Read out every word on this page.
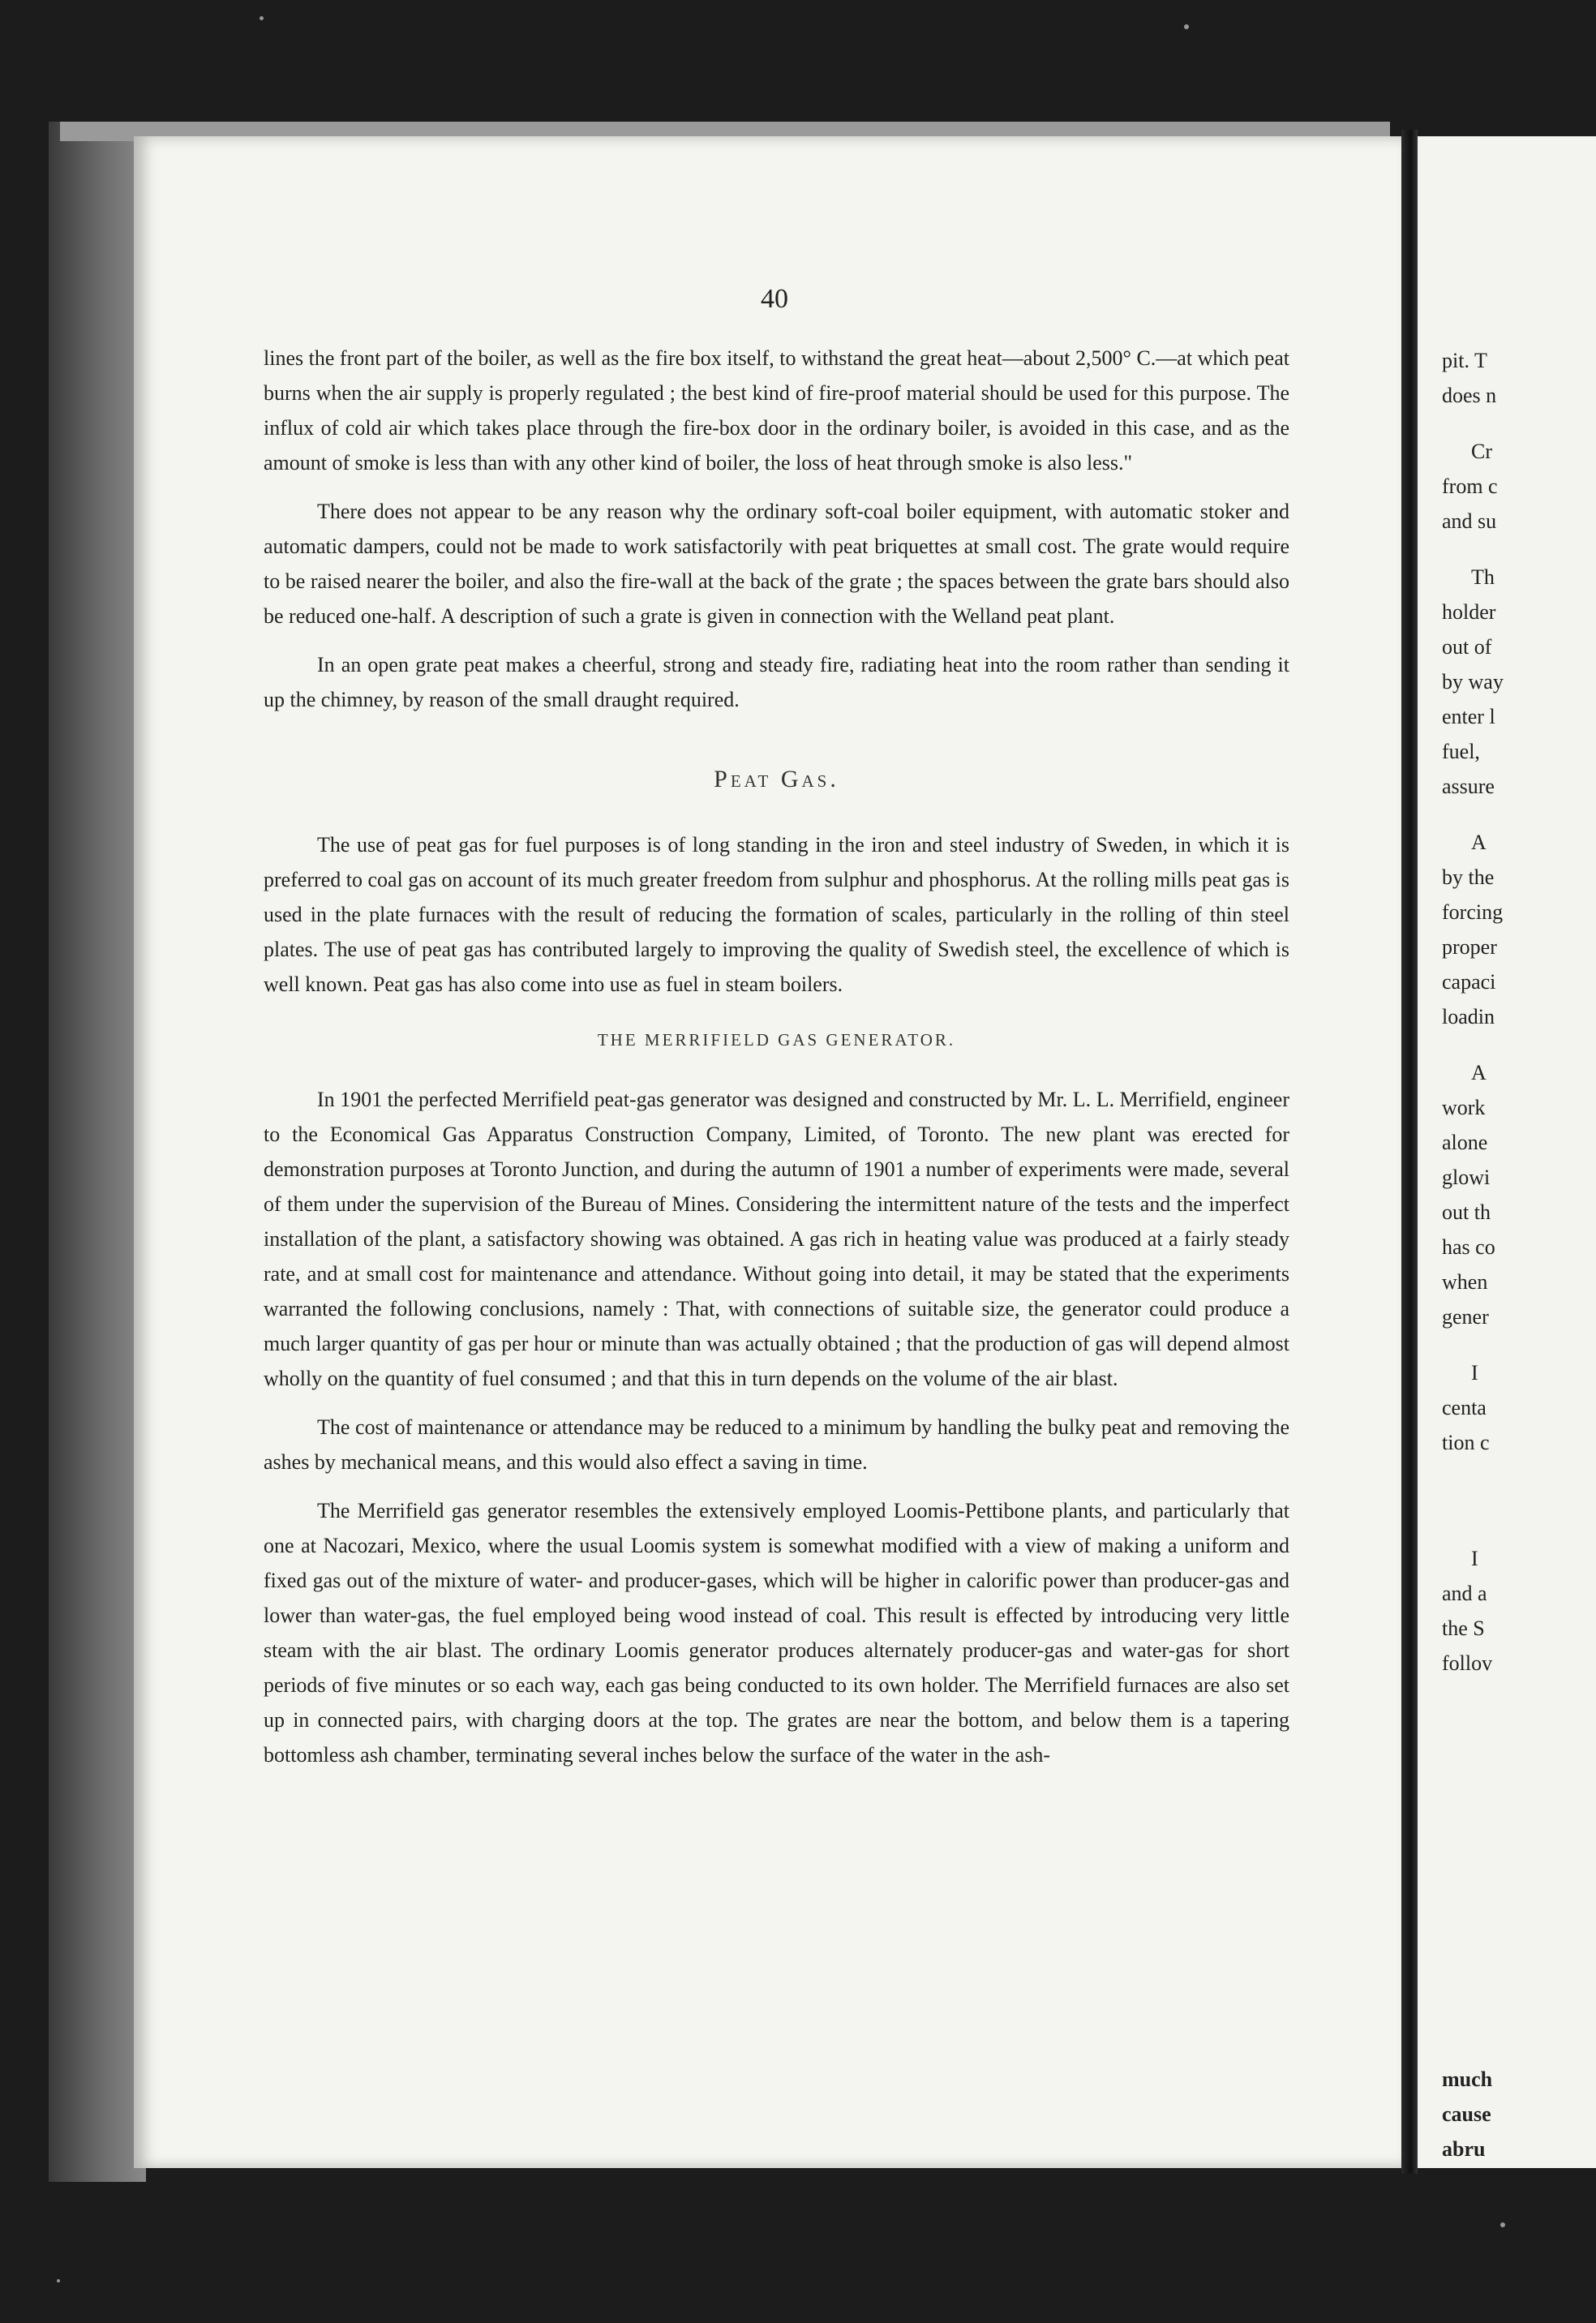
pit. T
does n
Cr
from c
and su
Th
holder
out of
by way
enter l
fuel,
assure
A
by the
forcing
proper
capaci
loadin
A
work
alone
glowi
out th
has co
when
gener
I
centa
tion c
I
and a
the S
follov
much
cause
abru
40

lines the front part of the boiler, as well as the fire box itself, to withstand the great heat—about 2,500° C.—at which peat burns when the air supply is properly regulated ; the best kind of fire-proof material should be used for this purpose. The influx of cold air which takes place through the fire-box door in the ordinary boiler, is avoided in this case, and as the amount of smoke is less than with any other kind of boiler, the loss of heat through smoke is also less."

There does not appear to be any reason why the ordinary soft-coal boiler equipment, with automatic stoker and automatic dampers, could not be made to work satisfactorily with peat briquettes at small cost. The grate would require to be raised nearer the boiler, and also the fire-wall at the back of the grate ; the spaces between the grate bars should also be reduced one-half. A description of such a grate is given in connection with the Welland peat plant.

In an open grate peat makes a cheerful, strong and steady fire, radiating heat into the room rather than sending it up the chimney, by reason of the small draught required.

Peat Gas.

The use of peat gas for fuel purposes is of long standing in the iron and steel industry of Sweden, in which it is preferred to coal gas on account of its much greater freedom from sulphur and phosphorus. At the rolling mills peat gas is used in the plate furnaces with the result of reducing the formation of scales, particularly in the rolling of thin steel plates. The use of peat gas has contributed largely to improving the quality of Swedish steel, the excellence of which is well known. Peat gas has also come into use as fuel in steam boilers.

THE MERRIFIELD GAS GENERATOR.

In 1901 the perfected Merrifield peat-gas generator was designed and constructed by Mr. L. L. Merrifield, engineer to the Economical Gas Apparatus Construction Company, Limited, of Toronto. The new plant was erected for demonstration purposes at Toronto Junction, and during the autumn of 1901 a number of experiments were made, several of them under the supervision of the Bureau of Mines. Considering the intermittent nature of the tests and the imperfect installation of the plant, a satisfactory showing was obtained. A gas rich in heating value was produced at a fairly steady rate, and at small cost for maintenance and attendance. Without going into detail, it may be stated that the experiments warranted the following conclusions, namely : That, with connections of suitable size, the generator could produce a much larger quantity of gas per hour or minute than was actually obtained ; that the production of gas will depend almost wholly on the quantity of fuel consumed ; and that this in turn depends on the volume of the air blast.

The cost of maintenance or attendance may be reduced to a minimum by handling the bulky peat and removing the ashes by mechanical means, and this would also effect a saving in time.

The Merrifield gas generator resembles the extensively employed Loomis-Pettibone plants, and particularly that one at Nacozari, Mexico, where the usual Loomis system is somewhat modified with a view of making a uniform and fixed gas out of the mixture of water- and producer-gases, which will be higher in calorific power than producer-gas and lower than water-gas, the fuel employed being wood instead of coal. This result is effected by introducing very little steam with the air blast. The ordinary Loomis generator produces alternately producer-gas and water-gas for short periods of five minutes or so each way, each gas being conducted to its own holder. The Merrifield furnaces are also set up in connected pairs, with charging doors at the top. The grates are near the bottom, and below them is a tapering bottomless ash chamber, terminating several inches below the surface of the water in the ash-
